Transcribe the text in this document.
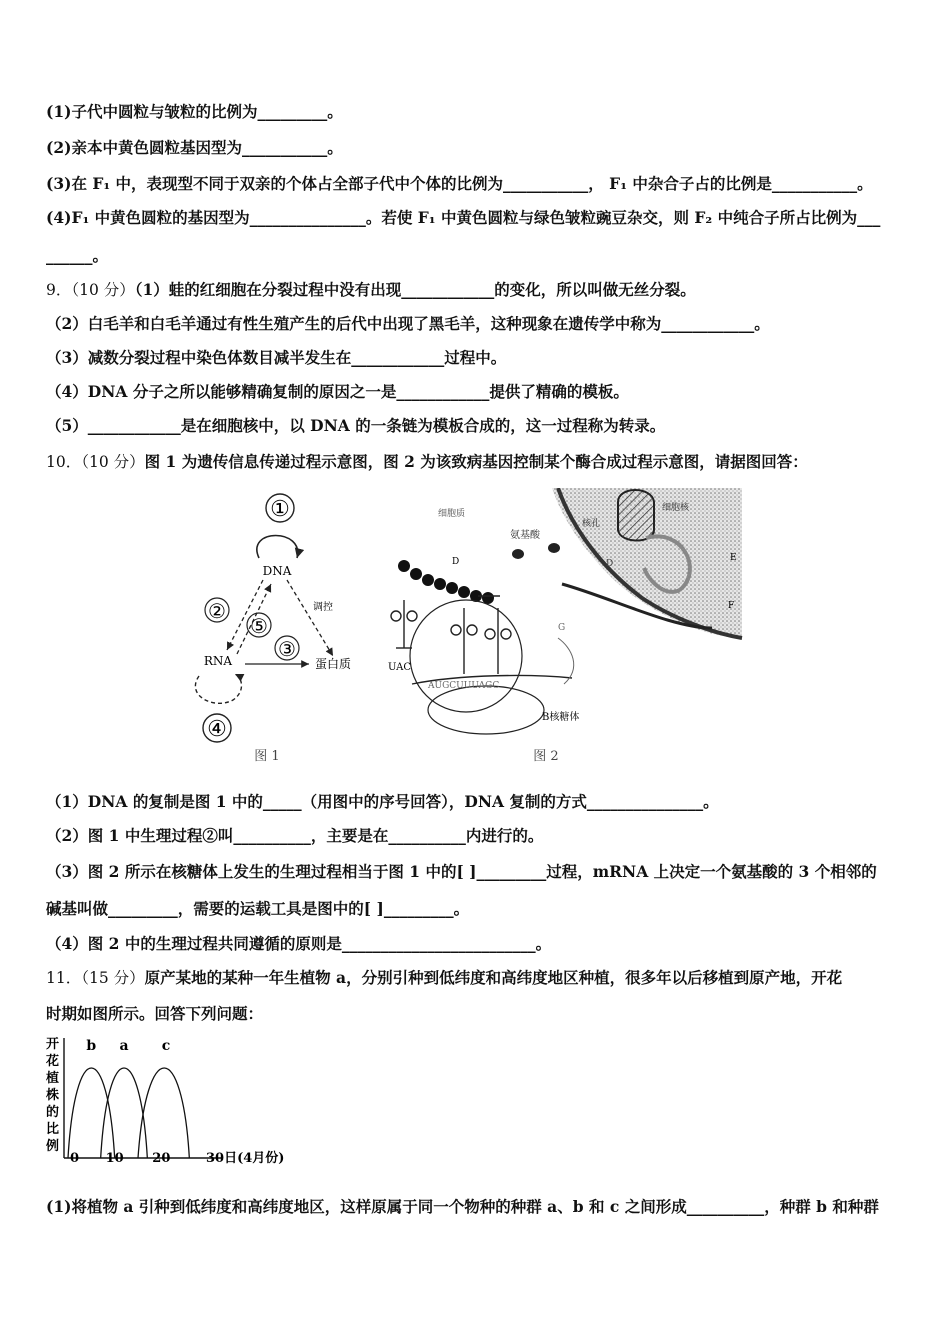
(1)子代中圆粒与皱粒的比例为_________。
(2)亲本中黄色圆粒基因型为___________。
(3)在 F₁ 中，表现型不同于双亲的个体占全部子代中个体的比例为___________， F₁ 中杂合子占的比例是___________。
(4)F₁ 中黄色圆粒的基因型为_______________。若使 F₁ 中黄色圆粒与绿色皱粒豌豆杂交，则 F₂ 中纯合子所占比例为___
______。
9．（10 分）（1）蛙的红细胞在分裂过程中没有出现____________的变化，所以叫做无丝分裂。
（2）白毛羊和白毛羊通过有性生殖产生的后代中出现了黑毛羊，这种现象在遗传学中称为____________。
（3）减数分裂过程中染色体数目减半发生在____________过程中。
（4）DNA 分子之所以能够精确复制的原因之一是____________提供了精确的模板。
（5）____________是在细胞核中，以 DNA 的一条链为模板合成的，这一过程称为转录。
10．（10 分）图 1 为遗传信息传递过程示意图，图 2 为该致病基因控制某个酶合成过程示意图，请据图回答：
①
DNA
调控
②
⑤
③
RNA	蛋白质
④
图 1
细胞核
核孔
E
F
D
细胞质
氨基酸
D
AUGCUUUAGC
UAC
G
B核糖体
图 2
（1）DNA 的复制是图 1 中的_____（用图中的序号回答），DNA 复制的方式_______________。
（2）图 1 中生理过程②叫__________，主要是在__________内进行的。
（3）图 2 所示在核糖体上发生的生理过程相当于图 1 中的[ ]_________过程，mRNA 上决定一个氨基酸的 3 个相邻的
碱基叫做_________，需要的运载工具是图中的[ ]_________。
（4）图 2 中的生理过程共同遵循的原则是_________________________。
11．（15 分）原产某地的某种一年生植物 a，分别引种到低纬度和高纬度地区种植，很多年以后移植到原产地，开花
时期如图所示。回答下列问题：
开花植株的比例
b a c
0 10 20	30日(4月份)
(1)将植物 a 引种到低纬度和高纬度地区，这样原属于同一个物种的种群 a、b 和 c 之间形成__________，种群 b 和种群
